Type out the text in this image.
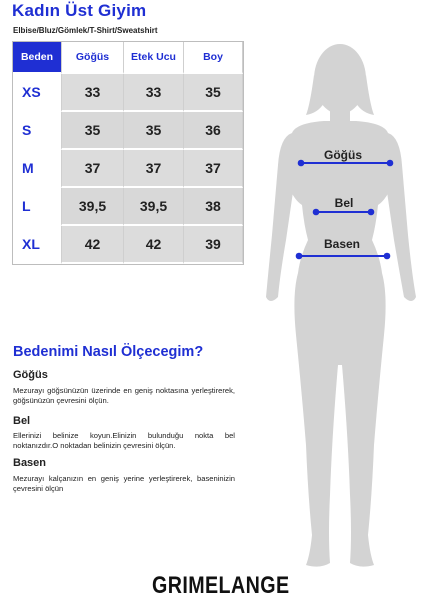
Kadın Üst Giyim
Elbise/Bluz/Gömlek/T-Shirt/Sweatshirt
Beden	Göğüs	Etek Ucu	Boy
XS	33	33	35
S	35	35	36
M	37	37	37
L	39,5	39,5	38
XL	42	42	39
Göğüs
Bel
Basen
Bedenimi Nasıl Ölçecegim?
Göğüs
Mezurayı göğsünüzün üzerinde en geniş noktasına yerleştirerek, göğsünüzün çevresini ölçün.
Bel
Ellerinizi belinize koyun.Elinizin bulunduğu nokta bel noktanızdır.O noktadan belinizin çevresini ölçün.
Basen
Mezurayı kalçanızın en geniş yerine yerleştirerek, baseninizin çevresini ölçün
GRIMELANGE
